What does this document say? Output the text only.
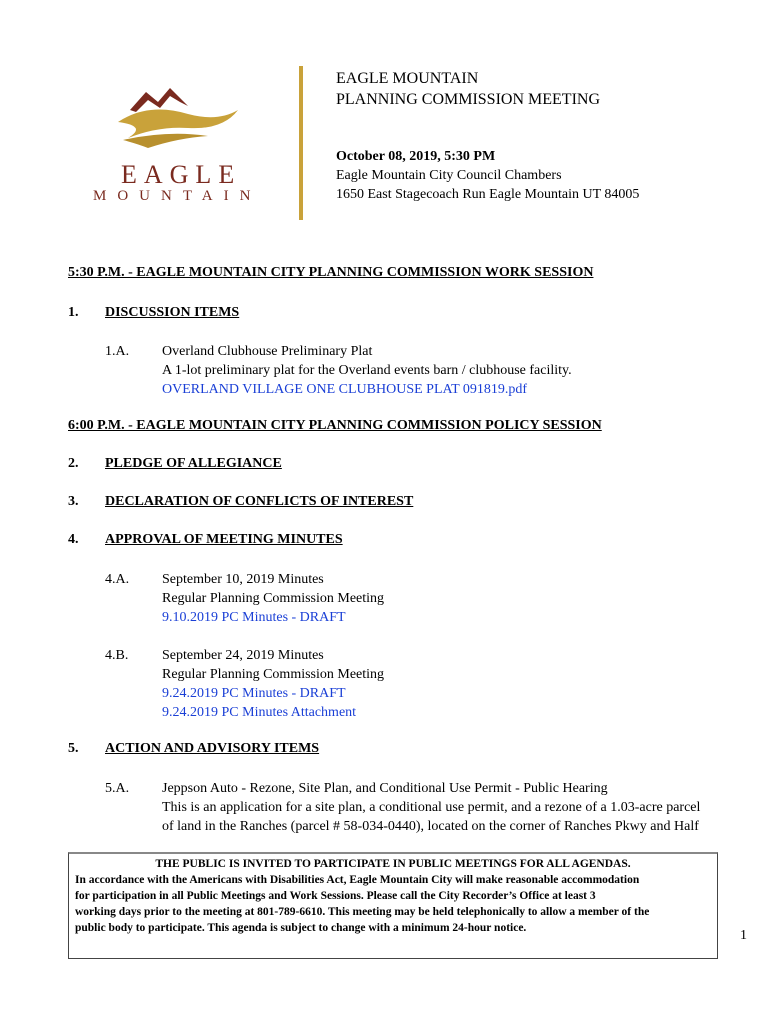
EAGLE
MOUNTAIN
EAGLE MOUNTAIN
PLANNING COMMISSION MEETING
October 08, 2019, 5:30 PM
Eagle Mountain City Council Chambers
1650 East Stagecoach Run Eagle Mountain UT 84005
5:30 P.M. - EAGLE MOUNTAIN CITY PLANNING COMMISSION WORK SESSION
1. DISCUSSION ITEMS
1.A. Overland Clubhouse Preliminary Plat
A 1-lot preliminary plat for the Overland events barn / clubhouse facility.
OVERLAND VILLAGE ONE CLUBHOUSE PLAT 091819.pdf
6:00 P.M. - EAGLE MOUNTAIN CITY PLANNING COMMISSION POLICY SESSION
2. PLEDGE OF ALLEGIANCE
3. DECLARATION OF CONFLICTS OF INTEREST
4. APPROVAL OF MEETING MINUTES
4.A. September 10, 2019 Minutes
Regular Planning Commission Meeting
9.10.2019 PC Minutes - DRAFT
4.B. September 24, 2019 Minutes
Regular Planning Commission Meeting
9.24.2019 PC Minutes - DRAFT
9.24.2019 PC Minutes Attachment
5. ACTION AND ADVISORY ITEMS
5.A. Jeppson Auto - Rezone, Site Plan, and Conditional Use Permit - Public Hearing
This is an application for a site plan, a conditional use permit, and a rezone of a 1.03-acre parcel
of land in the Ranches (parcel # 58-034-0440), located on the corner of Ranches Pkwy and Half
THE PUBLIC IS INVITED TO PARTICIPATE IN PUBLIC MEETINGS FOR ALL AGENDAS.
In accordance with the Americans with Disabilities Act, Eagle Mountain City will make reasonable accommodation
for participation in all Public Meetings and Work Sessions. Please call the City Recorder’s Office at least 3
working days prior to the meeting at 801-789-6610. This meeting may be held telephonically to allow a member of the
public body to participate. This agenda is subject to change with a minimum 24-hour notice.	1
